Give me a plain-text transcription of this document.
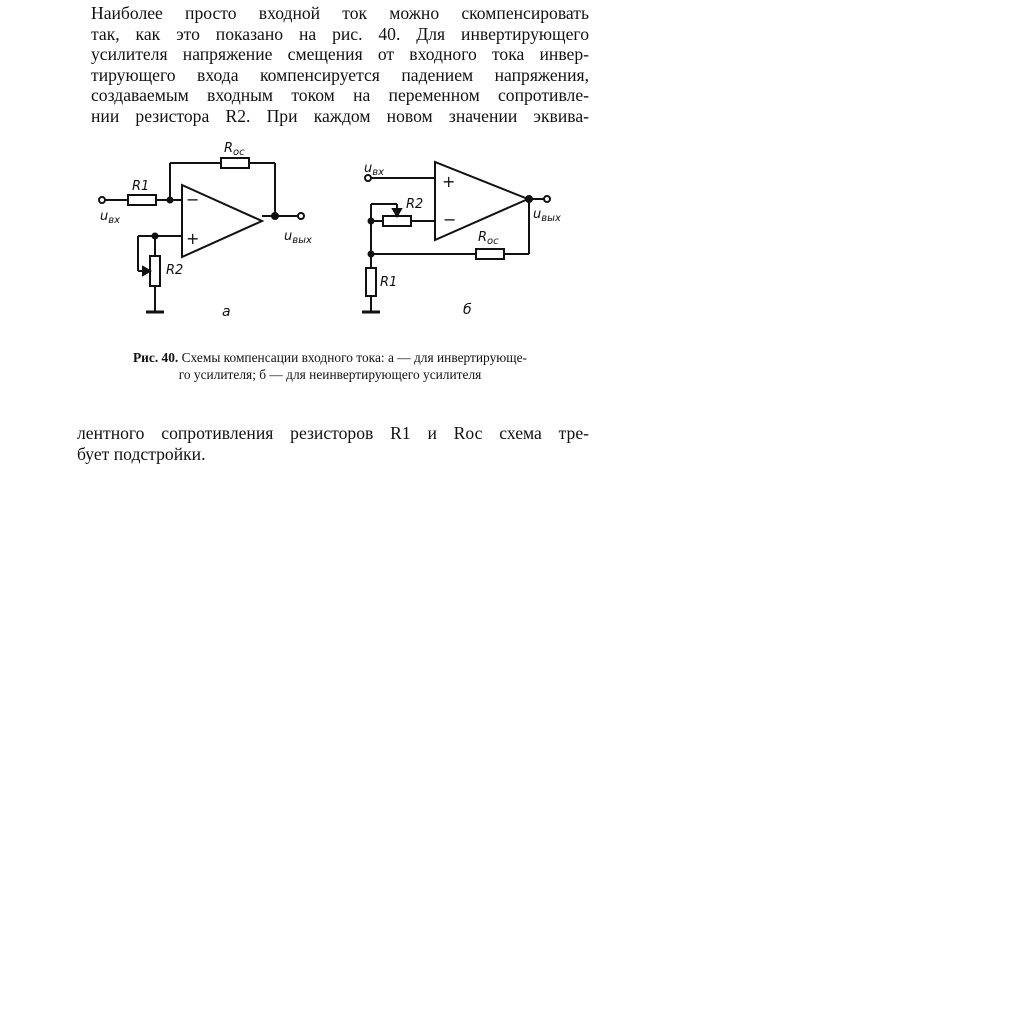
Наиболее просто входной ток можно скомпенсировать
так, как это показано на рис. 40. Для инвертирующего
усилителя напряжение смещения от входного тока инвер-
тирующего входа компенсируется падением напряжения,
создаваемым входным током на переменном сопротивле-
нии резистора R2. При каждом новом значении эквива-

$R_{oc}$
R1
$u_{вх}$
$u_{вых}$
−
+
R2
а
$u_{вх}$
$u_{вых}$
+
−
R2
$R_{oc}$
R1
б

Рис. 40. Схемы компенсации входного тока: а — для инвертирующе-
го усилителя; б — для неинвертирующего усилителя

лентного сопротивления резисторов R1 и Rос схема тре-
бует подстройки.
